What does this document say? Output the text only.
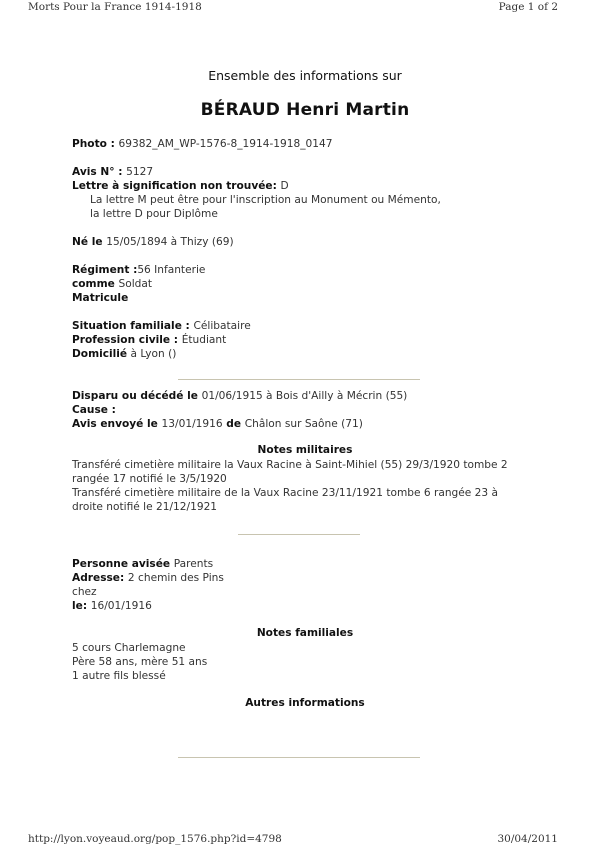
Morts Pour la France 1914-1918	Page 1 of 2
Ensemble des informations sur
BÉRAUD Henri Martin
Photo : 69382_AM_WP-1576-8_1914-1918_0147
Avis N° : 5127
Lettre à signification non trouvée: D
La lettre M peut être pour l'inscription au Monument ou Mémento,
la lettre D pour Diplôme
Né le 15/05/1894 à Thizy (69)
Régiment :56 Infanterie
comme Soldat
Matricule
Situation familiale : Célibataire
Profession civile : Étudiant
Domicilié à Lyon ()
Disparu ou décédé le 01/06/1915 à Bois d'Ailly à Mécrin (55)
Cause :
Avis envoyé le 13/01/1916 de Châlon sur Saône (71)
Notes militaires
Transféré cimetière militaire la Vaux Racine à Saint-Mihiel (55) 29/3/1920 tombe 2
rangée 17 notifié le 3/5/1920
Transféré cimetière militaire de la Vaux Racine 23/11/1921 tombe 6 rangée 23 à
droite notifié le 21/12/1921
Personne avisée Parents
Adresse: 2 chemin des Pins
chez
le: 16/01/1916
Notes familiales
5 cours Charlemagne
Père 58 ans, mère 51 ans
1 autre fils blessé
Autres informations
http://lyon.voyeaud.org/pop_1576.php?id=4798	30/04/2011
